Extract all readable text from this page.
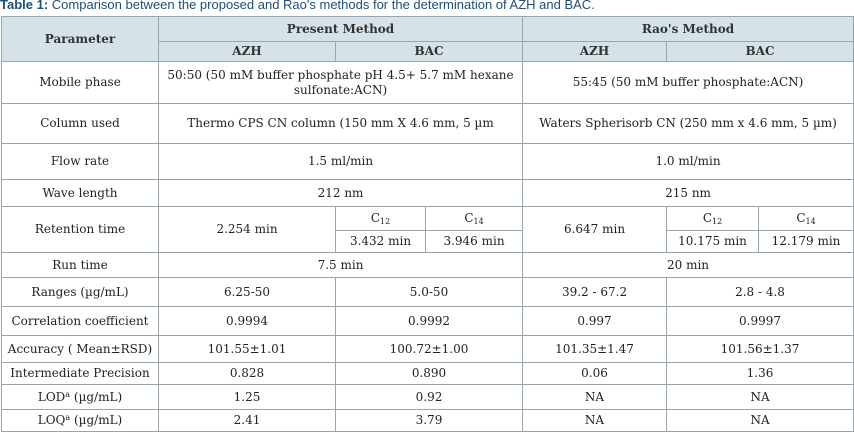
Table 1: Comparison between the proposed and Rao's methods for the determination of AZH and BAC.
Parameter	Present Method			Rao's Method		
	AZH	BAC		AZH	BAC	
Mobile phase	50:50 (50 mM buffer phosphate pH 4.5+ 5.7 mM hexane sulfonate:ACN)			55:45 (50 mM buffer phosphate:ACN)		
Column used	Thermo CPS CN column (150 mm X 4.6 mm, 5 µm			Waters Spherisorb CN (250 mm x 4.6 mm, 5 µm)		
Flow rate	1.5 ml/min			1.0 ml/min		
Wave length	212 nm			215 nm		
Retention time	2.254 min	$C_{12}$	$C_{14}$	6.647 min	$C_{12}$	$C_{14}$
		3.432 min	3.946 min		10.175 min	12.179 min
Run time	7.5 min			20 min		
Ranges (µg/mL)	6.25-50	5.0-50		39.2 - 67.2	2.8 - 4.8	
Correlation coefficient	0.9994	0.9992		0.997	0.9997	
Accuracy ( Mean±RSD)	101.55±1.01	100.72±1.00		101.35±1.47	101.56±1.37	
Intermediate Precision	0.828	0.890		0.06	1.36	
LOD$^a$ (µg/mL)	1.25	0.92		NA	NA	
LOQ$^a$ (µg/mL)	2.41	3.79		NA	NA	
